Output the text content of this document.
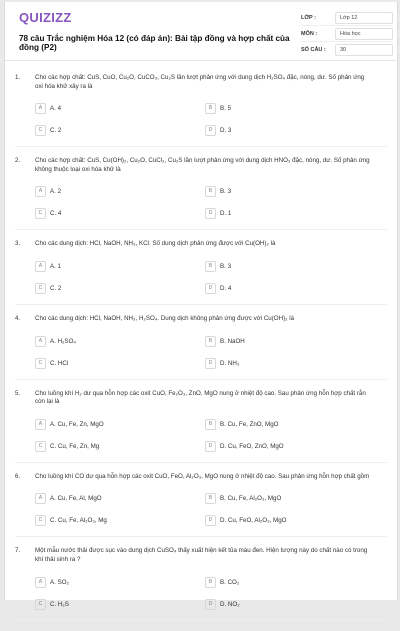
QUIZIZZ
78 câu Trắc nghiệm Hóa 12 (có đáp án): Bài tập đồng và hợp chất của đồng (P2)
LỚP :	Lớp 12
MÔN :	Hóa học
SỐ CÂU :	30
1. Cho các hợp chất: CuS, CuO, Cu₂O, CuCO₃, Cu₂S lần lượt phản ứng với dung dịch H₂SO₄ đặc, nóng, dư. Số phản ứng oxi hóa khử xảy ra là
A	A. 4	B	B. 5
C	C. 2	D	D. 3
2. Cho các hợp chất: CuS, Cu(OH)₂, Cu₂O, CuCl₂, Cu₂S lần lượt phản ứng với dung dịch HNO₃ đặc, nóng, dư. Số phản ứng không thuộc loại oxi hóa khử là
A	A. 2	B	B. 3
C	C. 4	D	D. 1
3. Cho các dung dịch: HCl, NaOH, NH₃, KCl. Số dung dịch phản ứng được với Cu(OH)₂ là
A	A. 1	B	B. 3
C	C. 2	D	D. 4
4. Cho các dung dịch: HCl, NaOH, NH₃, H₂SO₄. Dung dịch không phản ứng được với Cu(OH)₂ là
A	A. H₂SO₄	B	B. NaOH
C	C. HCl	D	D. NH₃
5. Cho luồng khí H₂ dư qua hỗn hợp các oxit CuO, Fe₂O₃, ZnO, MgO nung ở nhiệt độ cao. Sau phản ứng hỗn hợp chất rắn còn lại là
A	A. Cu, Fe, Zn, MgO	B	B. Cu, Fe, ZnO, MgO
C	C. Cu, Fe, Zn, Mg	D	D. Cu, FeO, ZnO, MgO
6. Cho luồng khí CO dư qua hỗn hợp các oxit CuO, FeO, Al₂O₃, MgO nung ở nhiệt độ cao. Sau phản ứng hỗn hợp chất gồm
A	A. Cu, Fe, Al, MgO	B	B. Cu, Fe, Al₂O₃, MgO
C	C. Cu, Fe, Al₂O₃, Mg	D	D. Cu, FeO, Al₂O₃, MgO
7. Một mẫu nước thải được sục vào dung dịch CuSO₄ thấy xuất hiện kết tủa màu đen. Hiện tượng này do chất nào có trong khí thải sinh ra ?
A	A. SO₂	B	B. CO₂
C	C. H₂S	D	D. NO₂
